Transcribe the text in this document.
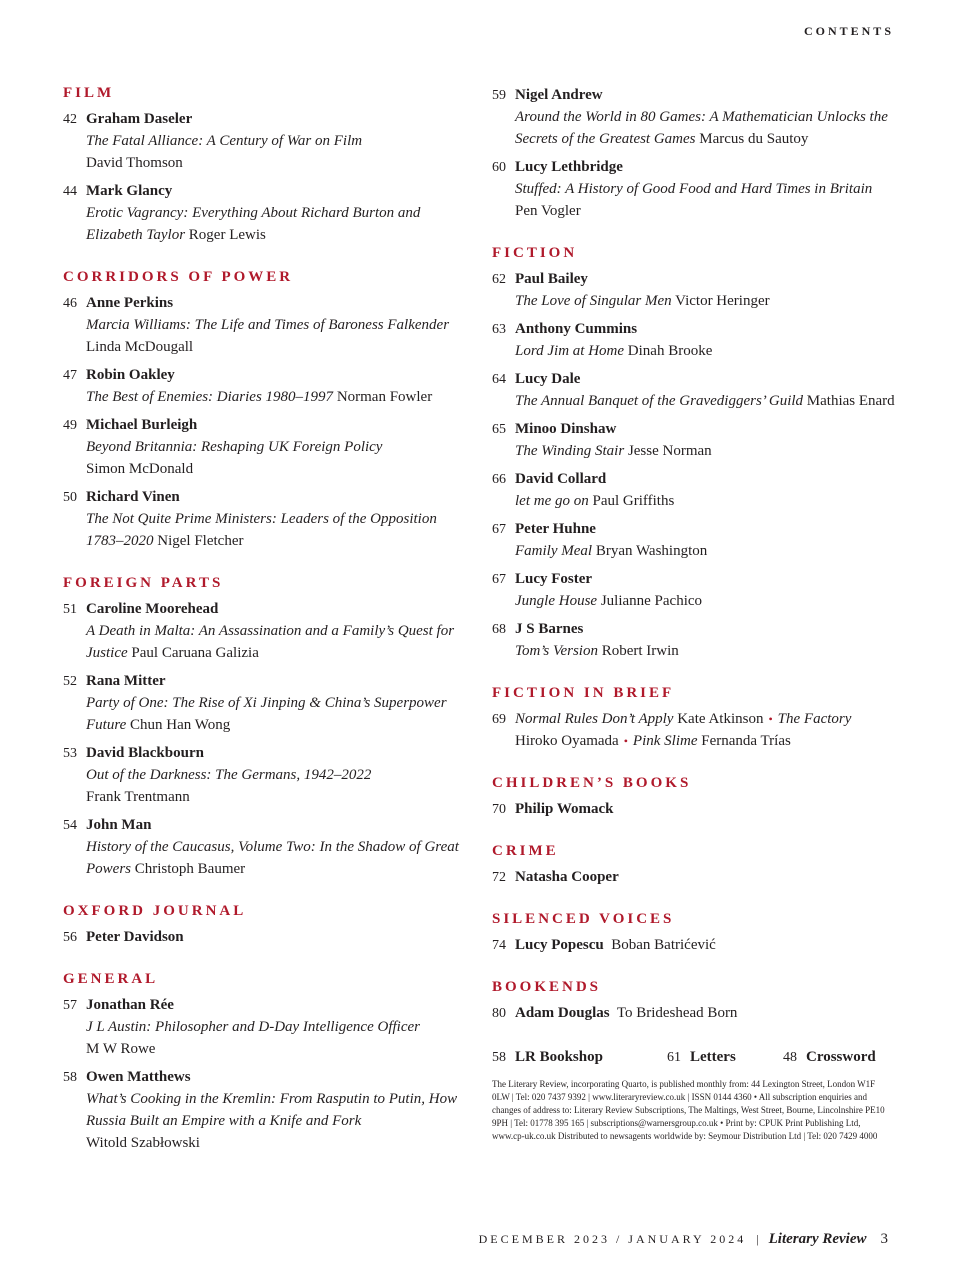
CONTENTS
FILM
42 Graham Daseler
The Fatal Alliance: A Century of War on Film
David Thomson
44 Mark Glancy
Erotic Vagrancy: Everything About Richard Burton and Elizabeth Taylor Roger Lewis
CORRIDORS OF POWER
46 Anne Perkins
Marcia Williams: The Life and Times of Baroness Falkender
Linda McDougall
47 Robin Oakley
The Best of Enemies: Diaries 1980–1997 Norman Fowler
49 Michael Burleigh
Beyond Britannia: Reshaping UK Foreign Policy
Simon McDonald
50 Richard Vinen
The Not Quite Prime Ministers: Leaders of the Opposition 1783–2020 Nigel Fletcher
FOREIGN PARTS
51 Caroline Moorehead
A Death in Malta: An Assassination and a Family’s Quest for Justice Paul Caruana Galizia
52 Rana Mitter
Party of One: The Rise of Xi Jinping & China’s Superpower Future Chun Han Wong
53 David Blackbourn
Out of the Darkness: The Germans, 1942–2022
Frank Trentmann
54 John Man
History of the Caucasus, Volume Two: In the Shadow of Great Powers Christoph Baumer
OXFORD JOURNAL
56 Peter Davidson
GENERAL
57 Jonathan Rée
J L Austin: Philosopher and D-Day Intelligence Officer
M W Rowe
58 Owen Matthews
What’s Cooking in the Kremlin: From Rasputin to Putin, How Russia Built an Empire with a Knife and Fork
Witold Szabłowski
59 Nigel Andrew
Around the World in 80 Games: A Mathematician Unlocks the Secrets of the Greatest Games Marcus du Sautoy
60 Lucy Lethbridge
Stuffed: A History of Good Food and Hard Times in Britain
Pen Vogler
FICTION
62 Paul Bailey
The Love of Singular Men Victor Heringer
63 Anthony Cummins
Lord Jim at Home Dinah Brooke
64 Lucy Dale
The Annual Banquet of the Gravediggers’ Guild Mathias Enard
65 Minoo Dinshaw
The Winding Stair Jesse Norman
66 David Collard
let me go on Paul Griffiths
67 Peter Huhne
Family Meal Bryan Washington
67 Lucy Foster
Jungle House Julianne Pachico
68 J S Barnes
Tom’s Version Robert Irwin
FICTION IN BRIEF
69 Normal Rules Don’t Apply Kate Atkinson • The Factory
Hiroko Oyamada • Pink Slime Fernanda Trías
CHILDREN’S BOOKS
70 Philip Womack
CRIME
72 Natasha Cooper
SILENCED VOICES
74 Lucy Popescu Boban Batrićević
BOOKENDS
80 Adam Douglas To Brideshead Born
58 LR Bookshop	61 Letters	48 Crossword
The Literary Review, incorporating Quarto, is published monthly from: 44 Lexington Street, London W1F 0LW | Tel: 020 7437 9392 | www.literaryreview.co.uk | ISSN 0144 4360 • All subscription enquiries and changes of address to: Literary Review Subscriptions, The Maltings, West Street, Bourne, Lincolnshire PE10 9PH | Tel: 01778 395 165 | subscriptions@warnersgroup.co.uk • Print by: CPUK Print Publishing Ltd, www.cp-uk.co.uk Distributed to newsagents worldwide by: Seymour Distribution Ltd | Tel: 020 7429 4000
DECEMBER 2023 / JANUARY 2024 | Literary Review 3
